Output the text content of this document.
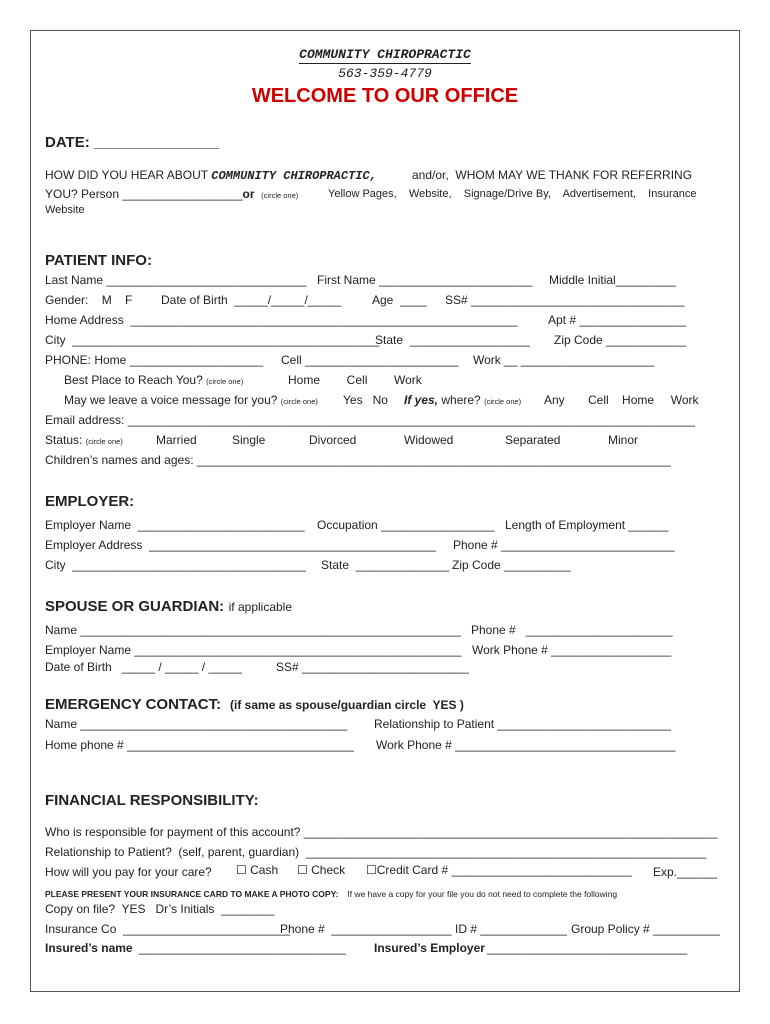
COMMUNITY CHIROPRACTIC
563-359-4779
WELCOME TO OUR OFFICE
DATE: _______________
HOW DID YOU HEAR ABOUT COMMUNITY CHIROPRACTIC,	and/or,  WHOM MAY WE THANK FOR REFERRING
YOU? Person __________________or (circle one)	Yellow Pages,    Website,    Signage/Drive By,    Advertisement,    Insurance
Website
PATIENT INFO:
Last Name ______________________________ First Name _______________________ Middle Initial_________
Gender:    M    F Date of Birth  _____/_____/_____	Age  ____ SS# ________________________________
Home Address  __________________________________________________________	Apt # ________________
City  ______________________________________________
State  __________________ Zip Code ____________
PHONE: Home ____________________ Cell _______________________ Work __ ____________________
Best Place to Reach You? (circle one)	Home        Cell        Work
May we leave a voice message for you? (circle one) Yes   No If yes, where? (circle one) Any       Cell    Home     Work
Email address: _____________________________________________________________________________________
Status: (circle one)	Married	Single	Divorced	Widowed	Separated	Minor
Children’s names and ages: _______________________________________________________________________
EMPLOYER:
Employer Name  _________________________ Occupation _________________ Length of Employment ______
Employer Address  ___________________________________________ Phone # __________________________
City  ___________________________________ State  ______________ Zip Code __________
SPOUSE OR GUARDIAN: if applicable
Name _________________________________________________________ Phone #   ______________________
Employer Name _________________________________________________ Work Phone # __________________
Date of Birth   _____ / _____ / _____	SS# _________________________
EMERGENCY CONTACT: (if same as spouse/guardian circle  YES )
Name ________________________________________ Relationship to Patient __________________________
Home phone # __________________________________ Work Phone # _________________________________
FINANCIAL RESPONSIBILITY:
Who is responsible for payment of this account? ______________________________________________________________
Relationship to Patient?  (self, parent, guardian)  ____________________________________________________________
How will you pay for your care? ☐ Cash ☐ Check ☐Credit Card # ___________________________ Exp.______
PLEASE PRESENT YOUR INSURANCE CARD TO MAKE A PHOTO COPY: If we have a copy for your file you do not need to complete the following
Copy on file?  YES   Dr’s Initials  ________
Insurance Co  _________________________
Phone #  __________________ ID # _____________ Group Policy # __________
Insured’s name _______________________________ Insured’s Employer ______________________________
